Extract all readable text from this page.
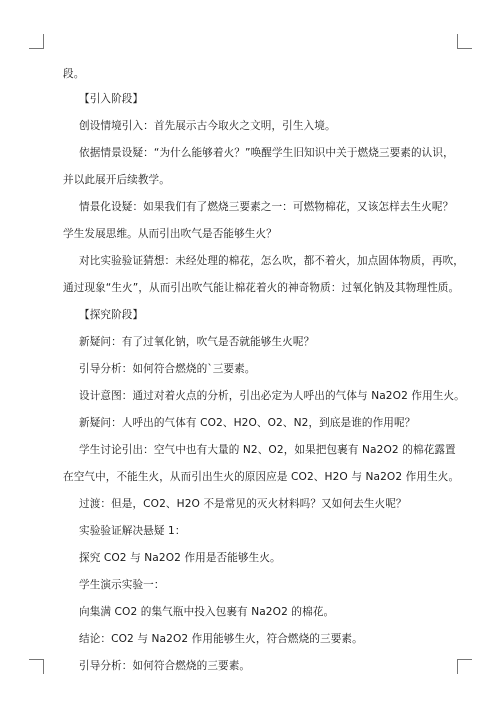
段。
【引入阶段】
创设情境引入：首先展示古今取火之文明，引生入境。
依据情景设疑：“为什么能够着火？”唤醒学生旧知识中关于燃烧三要素的认识，
并以此展开后续教学。
情景化设疑：如果我们有了燃烧三要素之一：可燃物棉花，又该怎样去生火呢？
学生发展思维。从而引出吹气是否能够生火？
对比实验验证猜想：未经处理的棉花，怎么吹，都不着火，加点固体物质，再吹，
通过现象“生火”，从而引出吹气能让棉花着火的神奇物质：过氧化钠及其物理性质。
【探究阶段】
新疑问：有了过氧化钠，吹气是否就能够生火呢？
引导分析：如何符合燃烧的`三要素。
设计意图：通过对着火点的分析，引出必定为人呼出的气体与 Na2O2 作用生火。
新疑问：人呼出的气体有 CO2、H2O、O2、N2，到底是谁的作用呢？
学生讨论引出：空气中也有大量的 N2、O2，如果把包裹有 Na2O2 的棉花露置
在空气中，不能生火，从而引出生火的原因应是 CO2、H2O 与 Na2O2 作用生火。
过渡：但是，CO2、H2O 不是常见的灭火材料吗？又如何去生火呢？
实验验证解决悬疑 1：
探究 CO2 与 Na2O2 作用是否能够生火。
学生演示实验一：
向集满 CO2 的集气瓶中投入包裹有 Na2O2 的棉花。
结论：CO2 与 Na2O2 作用能够生火，符合燃烧的三要素。
引导分析：如何符合燃烧的三要素。
